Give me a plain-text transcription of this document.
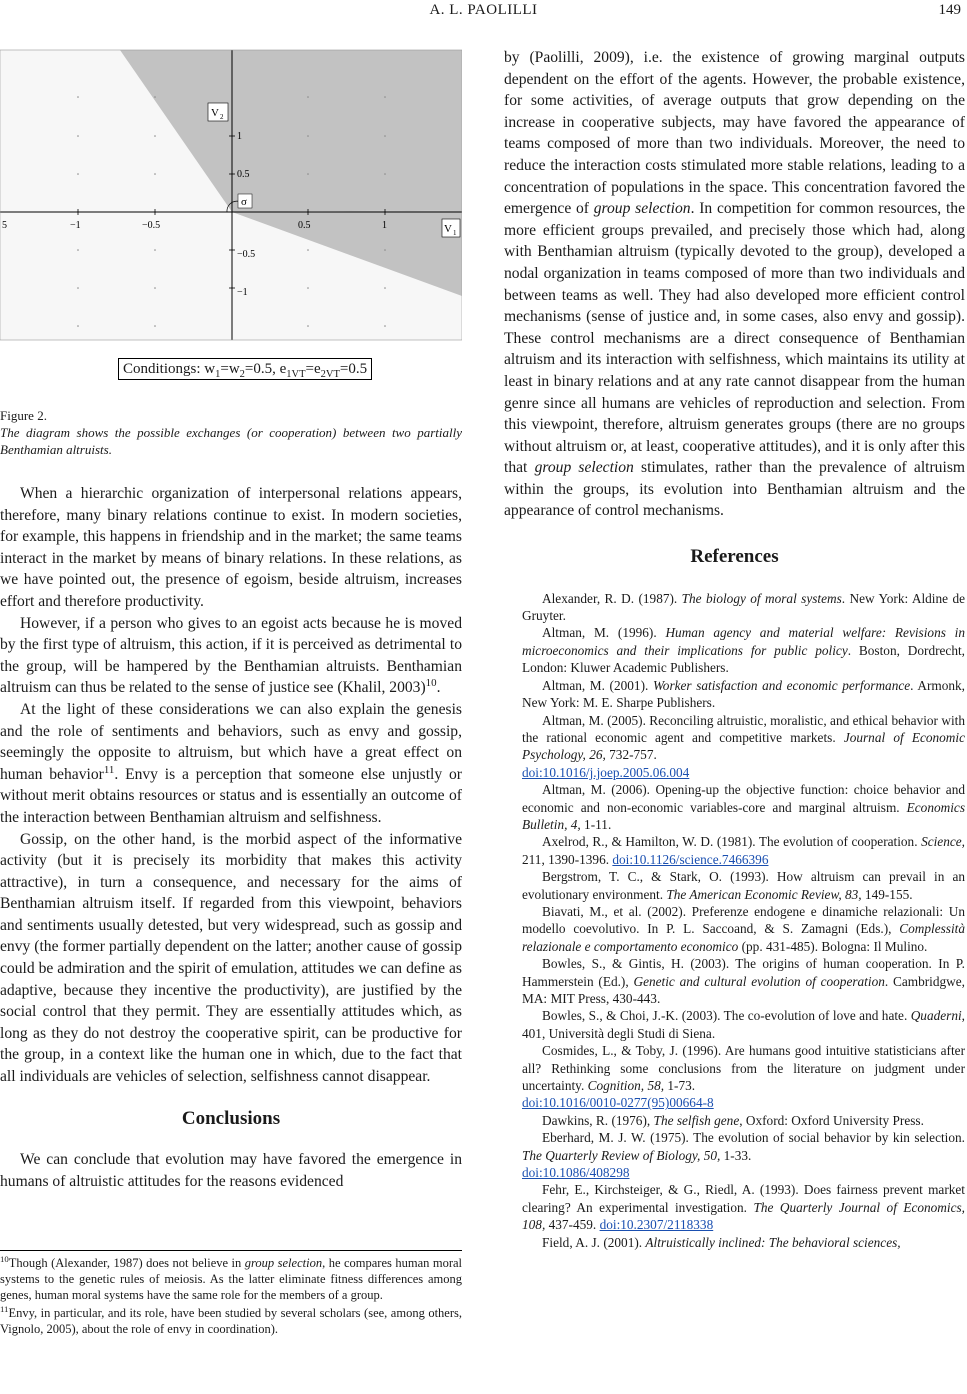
A. L. PAOLILLI	149
5	−1	−0.5	0.5	1
1
0.5
−0.5
−1
V 2
V 1
σ
Conditiongs: $w_1=w_2=0.5$, $e_{1VT}=e_{2VT}=0.5$
Figure 2.
The diagram shows the possible exchanges (or cooperation) between two partially Benthamian altruists.

When a hierarchic organization of interpersonal relations appears, therefore, many binary relations continue to exist. In modern societies, for example, this happens in friendship and in the market; the same teams interact in the market by means of binary relations. In these relations, as we have pointed out, the presence of egoism, beside altruism, increases effort and therefore productivity.

However, if a person who gives to an egoist acts because he is moved by the first type of altruism, this action, if it is perceived as detrimental to the group, will be hampered by the Benthamian altruists. Benthamian altruism can thus be related to the sense of justice see (Khalil, 2003)$^{10}$.

At the light of these considerations we can also explain the genesis and the role of sentiments and behaviors, such as envy and gossip, seemingly the opposite to altruism, but which have a great effect on human behavior$^{11}$. Envy is a perception that someone else unjustly or without merit obtains resources or status and is essentially an outcome of the interaction between Benthamian altruism and selfishness.

Gossip, on the other hand, is the morbid aspect of the informative activity (but it is precisely its morbidity that makes this activity attractive), in turn a consequence, and necessary for the aims of Benthamian altruism itself. If regarded from this viewpoint, behaviors and sentiments usually detested, but very widespread, such as gossip and envy (the former partially dependent on the latter; another cause of gossip could be admiration and the spirit of emulation, attitudes we can define as adaptive, because they incentive the productivity), are justified by the social control that they permit. They are essentially attitudes which, as long as they do not destroy the cooperative spirit, can be productive for the group, in a context like the human one in which, due to the fact that all individuals are vehicles of selection, selfishness cannot disappear.

Conclusions

We can conclude that evolution may have favored the emergence in humans of altruistic attitudes for the reasons evidenced

$^{10}$Though (Alexander, 1987) does not believe in group selection, he compares human moral systems to the genetic rules of meiosis. As the latter eliminate fitness differences among genes, human moral systems have the same role for the members of a group.

$^{11}$Envy, in particular, and its role, have been studied by several scholars (see, among others, Vignolo, 2005), about the role of envy in coordination).

by (Paolilli, 2009), i.e. the existence of growing marginal outputs dependent on the effort of the agents. However, the probable existence, for some activities, of average outputs that grow depending on the increase in cooperative subjects, may have favored the appearance of teams composed of more than two individuals. Moreover, the need to reduce the interaction costs stimulated more stable relations, leading to a concentration of populations in the space. This concentration favored the emergence of group selection. In competition for common resources, the more efficient groups prevailed, and precisely those which had, along with Benthamian altruism (typically devoted to the group), developed a nodal organization in teams composed of more than two individuals and between teams as well. They had also developed more efficient control mechanisms (sense of justice and, in some cases, also envy and gossip). These control mechanisms are a direct consequence of Benthamian altruism and its interaction with selfishness, which maintains its utility at least in binary relations and at any rate cannot disappear from the human genre since all humans are vehicles of reproduction and selection. From this viewpoint, therefore, altruism generates groups (there are no groups without altruism or, at least, cooperative attitudes), and it is only after this that group selection stimulates, rather than the prevalence of altruism within the groups, its evolution into Benthamian altruism and the appearance of control mechanisms.

References

Alexander, R. D. (1987). The biology of moral systems. New York: Aldine de Gruyter.

Altman, M. (1996). Human agency and material welfare: Revisions in microeconomics and their implications for public policy. Boston, Dordrecht, London: Kluwer Academic Publishers.

Altman, M. (2001). Worker satisfaction and economic performance. Armonk, New York: M. E. Sharpe Publishers.

Altman, M. (2005). Reconciling altruistic, moralistic, and ethical behavior with the rational economic agent and competitive markets. Journal of Economic Psychology, 26, 732-757.
doi:10.1016/j.joep.2005.06.004

Altman, M. (2006). Opening-up the objective function: choice behavior and economic and non-economic variables-core and marginal altruism. Economics Bulletin, 4, 1-11.

Axelrod, R., & Hamilton, W. D. (1981). The evolution of cooperation. Science, 211, 1390-1396. doi:10.1126/science.7466396

Bergstrom, T. C., & Stark, O. (1993). How altruism can prevail in an evolutionary environment. The American Economic Review, 83, 149-155.

Biavati, M., et al. (2002). Preferenze endogene e dinamiche relazionali: Un modello coevolutivo. In P. L. Saccoand, & S. Zamagni (Eds.), Complessità relazionale e comportamento economico (pp. 431-485). Bologna: Il Mulino.

Bowles, S., & Gintis, H. (2003). The origins of human cooperation. In P. Hammerstein (Ed.), Genetic and cultural evolution of cooperation. Cambridgwe, MA: MIT Press, 430-443.

Bowles, S., & Choi, J.-K. (2003). The co-evolution of love and hate. Quaderni, 401, Università degli Studi di Siena.

Cosmides, L., & Toby, J. (1996). Are humans good intuitive statisticians after all? Rethinking some conclusions from the literature on judgment under uncertainty. Cognition, 58, 1-73.
doi:10.1016/0010-0277(95)00664-8

Dawkins, R. (1976), The selfish gene, Oxford: Oxford University Press.

Eberhard, M. J. W. (1975). The evolution of social behavior by kin selection. The Quarterly Review of Biology, 50, 1-33.
doi:10.1086/408298

Fehr, E., Kirchsteiger, & G., Riedl, A. (1993). Does fairness prevent market clearing? An experimental investigation. The Quarterly Journal of Economics, 108, 437-459. doi:10.2307/2118338

Field, A. J. (2001). Altruistically inclined: The behavioral sciences,
